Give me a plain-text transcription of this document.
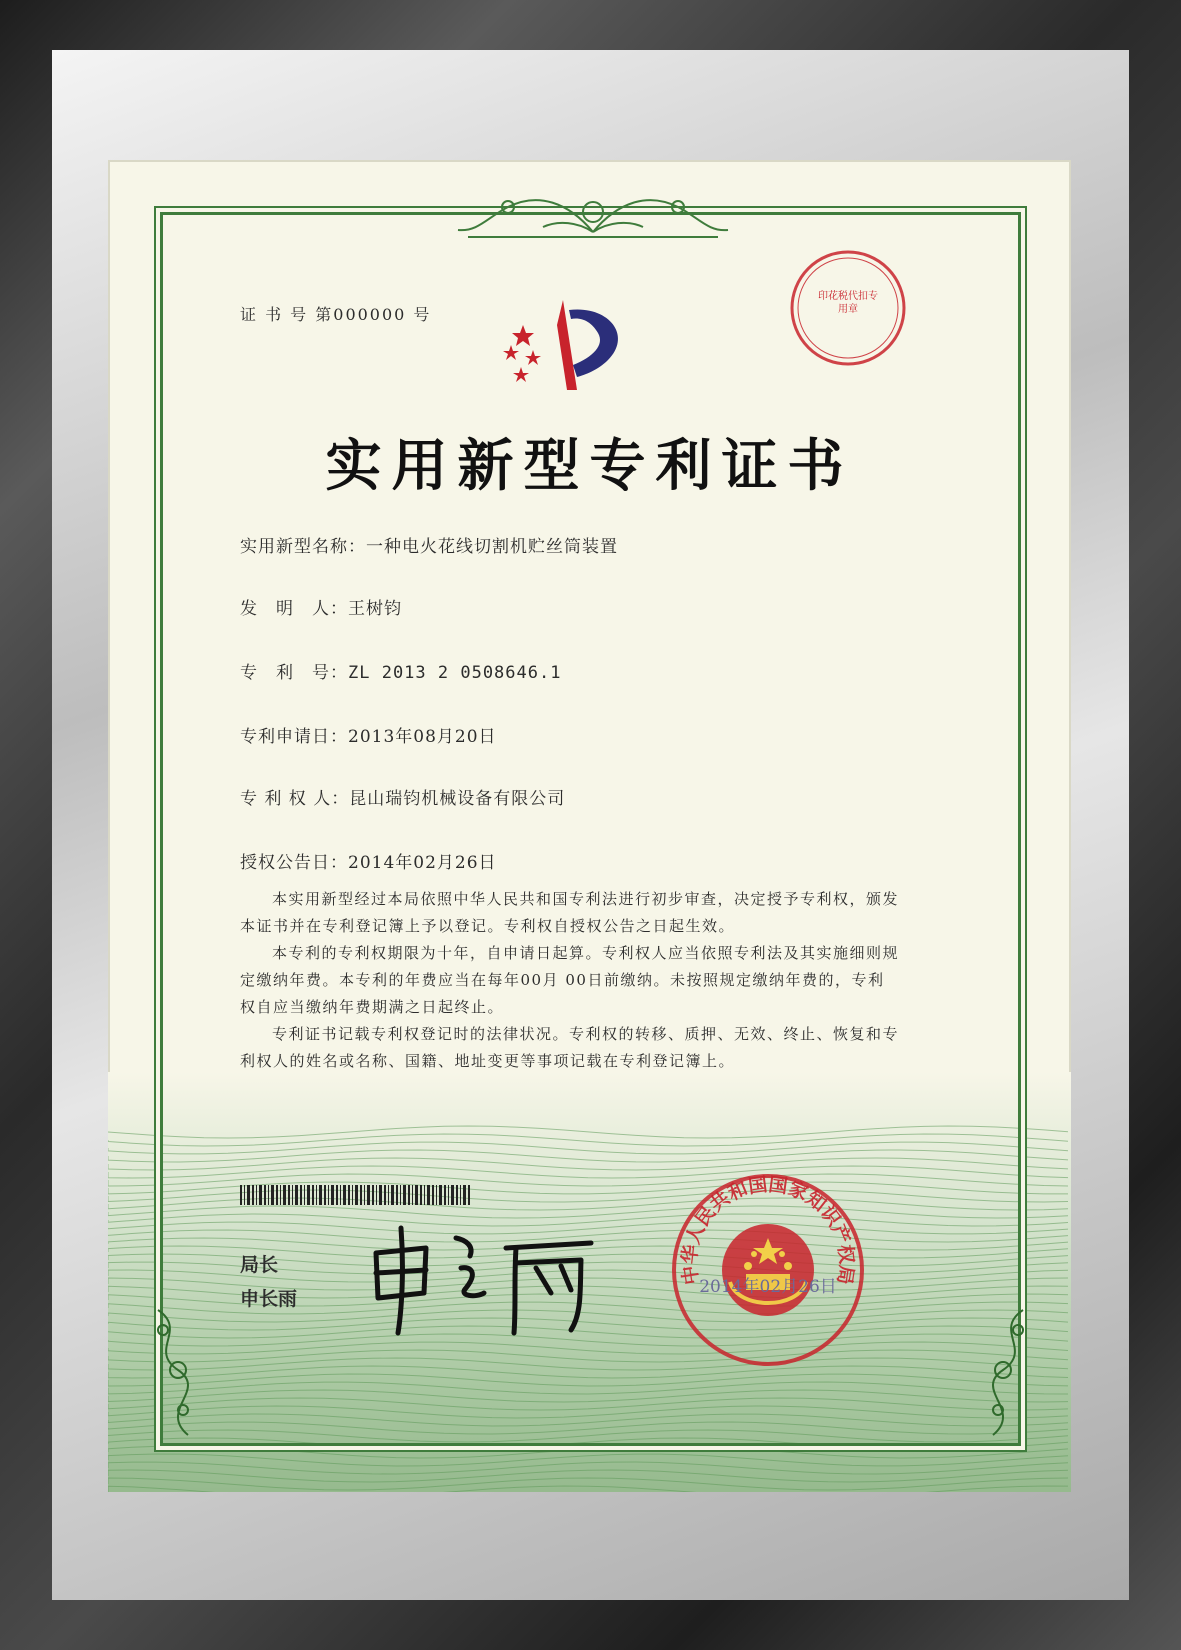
证 书 号 第000000 号
印花税代扣专用章
实用新型专利证书
实用新型名称：一种电火花线切割机贮丝筒装置
发　明　人：王树钧
专　利　号：ZL 2013 2 0508646.1
专利申请日：2013年08月20日
专 利 权 人：昆山瑞钧机械设备有限公司
授权公告日：2014年02月26日
本实用新型经过本局依照中华人民共和国专利法进行初步审查，决定授予专利权，颁发本证书并在专利登记簿上予以登记。专利权自授权公告之日起生效。
本专利的专利权期限为十年，自申请日起算。专利权人应当依照专利法及其实施细则规定缴纳年费。本专利的年费应当在每年00月 00日前缴纳。未按照规定缴纳年费的，专利权自应当缴纳年费期满之日起终止。
专利证书记载专利权登记时的法律状况。专利权的转移、质押、无效、终止、恢复和专利权人的姓名或名称、国籍、地址变更等事项记载在专利登记簿上。
局长
申长雨
中华人民共和国国家知识产权局
2014年02月26日
